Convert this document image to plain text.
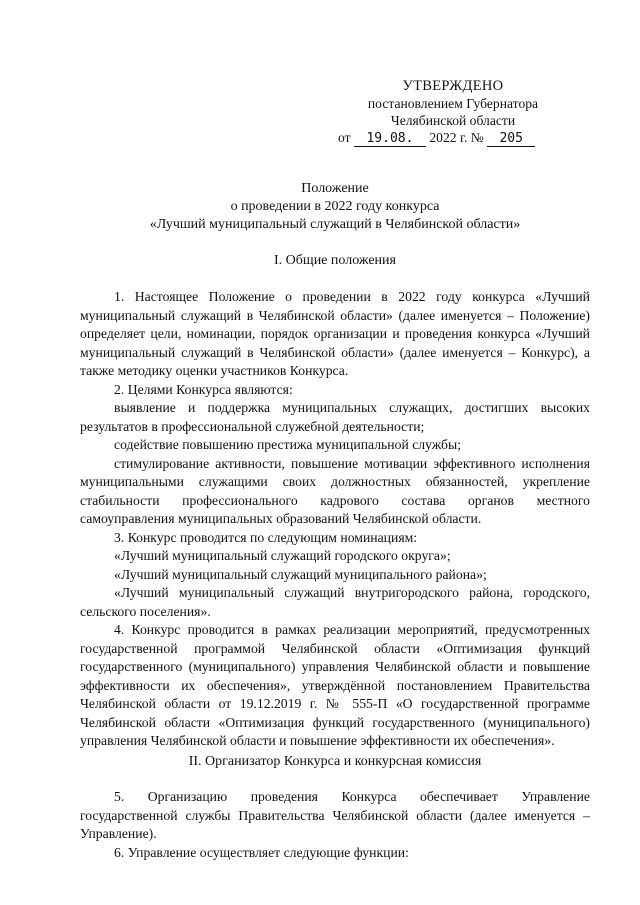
УТВЕРЖДЕНО
постановлением Губернатора
Челябинской области
от 19.08. 2022 г. № 205
Положение
о проведении в 2022 году конкурса
«Лучший муниципальный служащий в Челябинской области»
I. Общие положения

1. Настоящее Положение о проведении в 2022 году конкурса «Лучший муниципальный служащий в Челябинской области» (далее именуется – Положение) определяет цели, номинации, порядок организации и проведения конкурса «Лучший муниципальный служащий в Челябинской области» (далее именуется – Конкурс), а также методику оценки участников Конкурса.

2. Целями Конкурса являются:

выявление и поддержка муниципальных служащих, достигших высоких результатов в профессиональной служебной деятельности;

содействие повышению престижа муниципальной службы;

стимулирование активности, повышение мотивации эффективного исполнения муниципальными служащими своих должностных обязанностей, укрепление стабильности профессионального кадрового состава органов местного самоуправления муниципальных образований Челябинской области.

3. Конкурс проводится по следующим номинациям:

«Лучший муниципальный служащий городского округа»;

«Лучший муниципальный служащий муниципального района»;

«Лучший муниципальный служащий внутригородского района, городского, сельского поселения».

4. Конкурс проводится в рамках реализации мероприятий, предусмотренных государственной программой Челябинской области «Оптимизация функций государственного (муниципального) управления Челябинской области и повышение эффективности их обеспечения», утверждённой постановлением Правительства Челябинской области от 19.12.2019 г. № 555-П «О государственной программе Челябинской области «Оптимизация функций государственного (муниципального) управления Челябинской области и повышение эффективности их обеспечения».

II. Организатор Конкурса и конкурсная комиссия

5. Организацию проведения Конкурса обеспечивает Управление государственной службы Правительства Челябинской области (далее именуется – Управление).

6. Управление осуществляет следующие функции:
